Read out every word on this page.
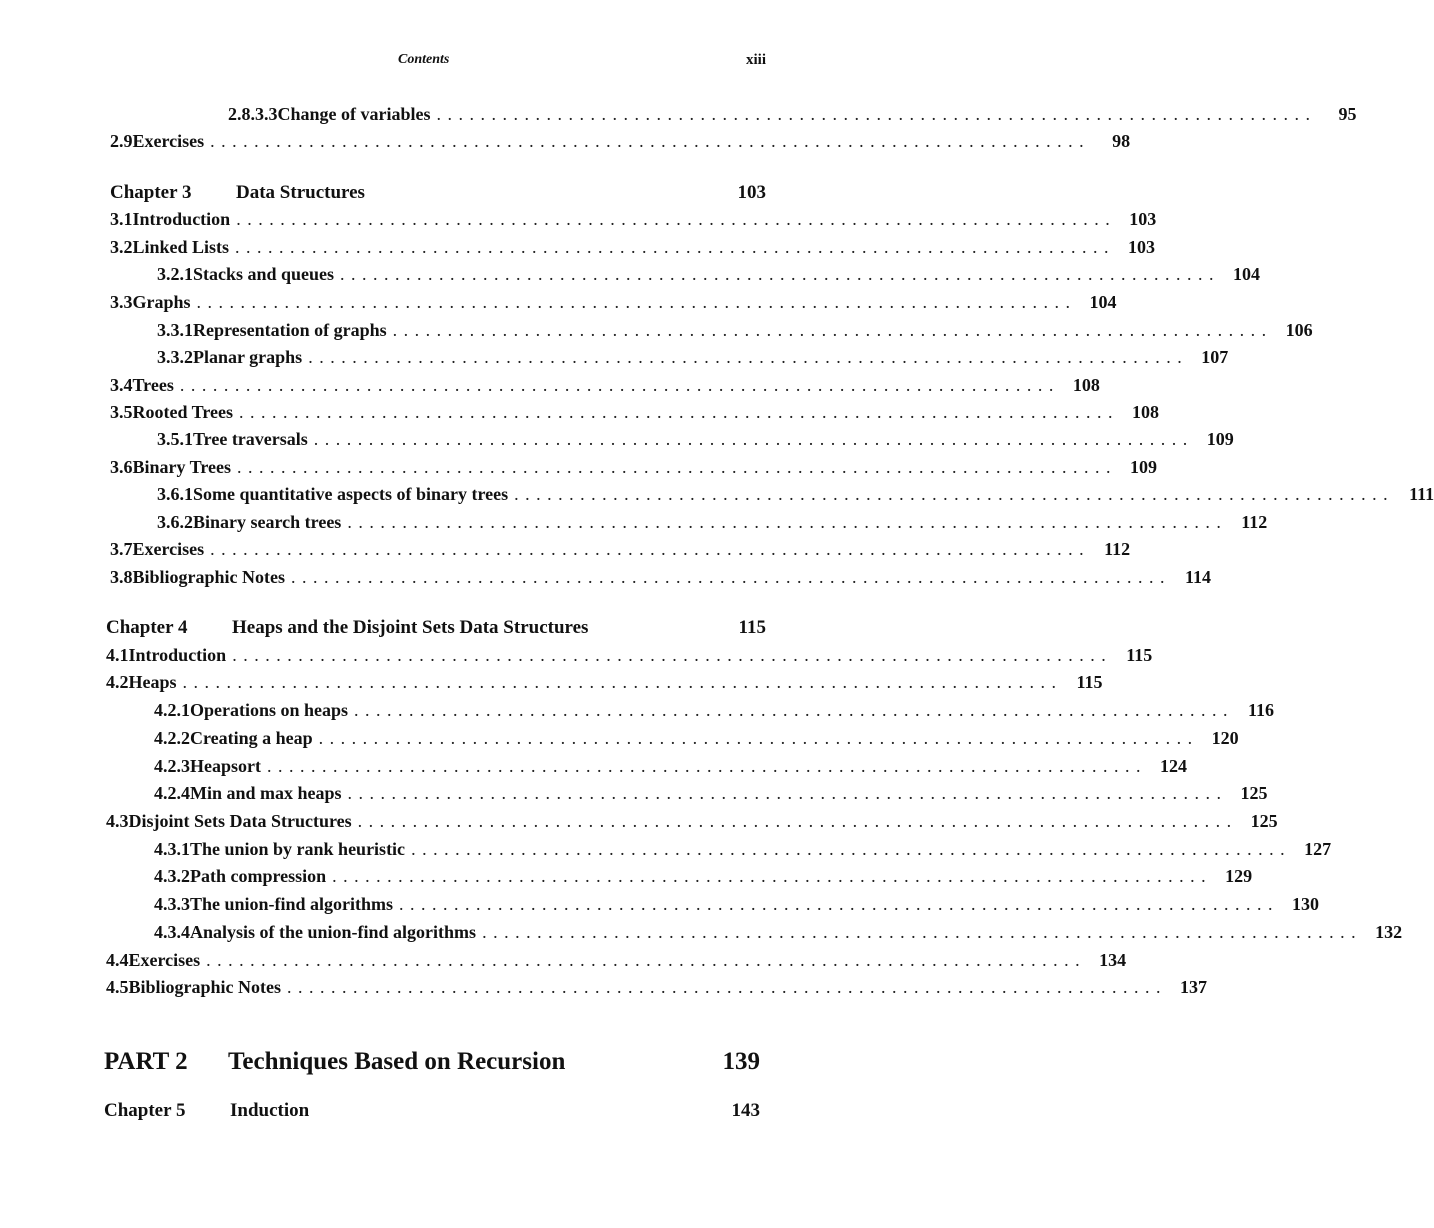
Contents	xiii
2.8.3.3 Change of variables ................................................................................	95
2.9 Exercises ................................................................................	98
Chapter 3	Data Structures	103
3.1 Introduction ................................................................................ 103
3.2 Linked Lists ................................................................................ 103
3.2.1 Stacks and queues ................................................................................ 104
3.3 Graphs ................................................................................ 104
3.3.1 Representation of graphs ................................................................................ 106
3.3.2 Planar graphs ................................................................................ 107
3.4 Trees ................................................................................ 108
3.5 Rooted Trees ................................................................................ 108
3.5.1 Tree traversals ................................................................................ 109
3.6 Binary Trees ................................................................................ 109
3.6.1 Some quantitative aspects of binary trees ................................................................................ 111
3.6.2 Binary search trees ................................................................................ 112
3.7 Exercises ................................................................................ 112
3.8 Bibliographic Notes ................................................................................ 114
Chapter 4	Heaps and the Disjoint Sets Data Structures	115
4.1 Introduction ................................................................................ 115
4.2 Heaps ................................................................................ 115
4.2.1 Operations on heaps ................................................................................ 116
4.2.2 Creating a heap ................................................................................ 120
4.2.3 Heapsort ................................................................................ 124
4.2.4 Min and max heaps ................................................................................ 125
4.3 Disjoint Sets Data Structures ................................................................................ 125
4.3.1 The union by rank heuristic ................................................................................ 127
4.3.2 Path compression ................................................................................ 129
4.3.3 The union-find algorithms ................................................................................ 130
4.3.4 Analysis of the union-find algorithms ................................................................................ 132
4.4 Exercises ................................................................................ 134
4.5 Bibliographic Notes ................................................................................ 137
PART 2 Techniques Based on Recursion	139
Chapter 5 Induction	143
